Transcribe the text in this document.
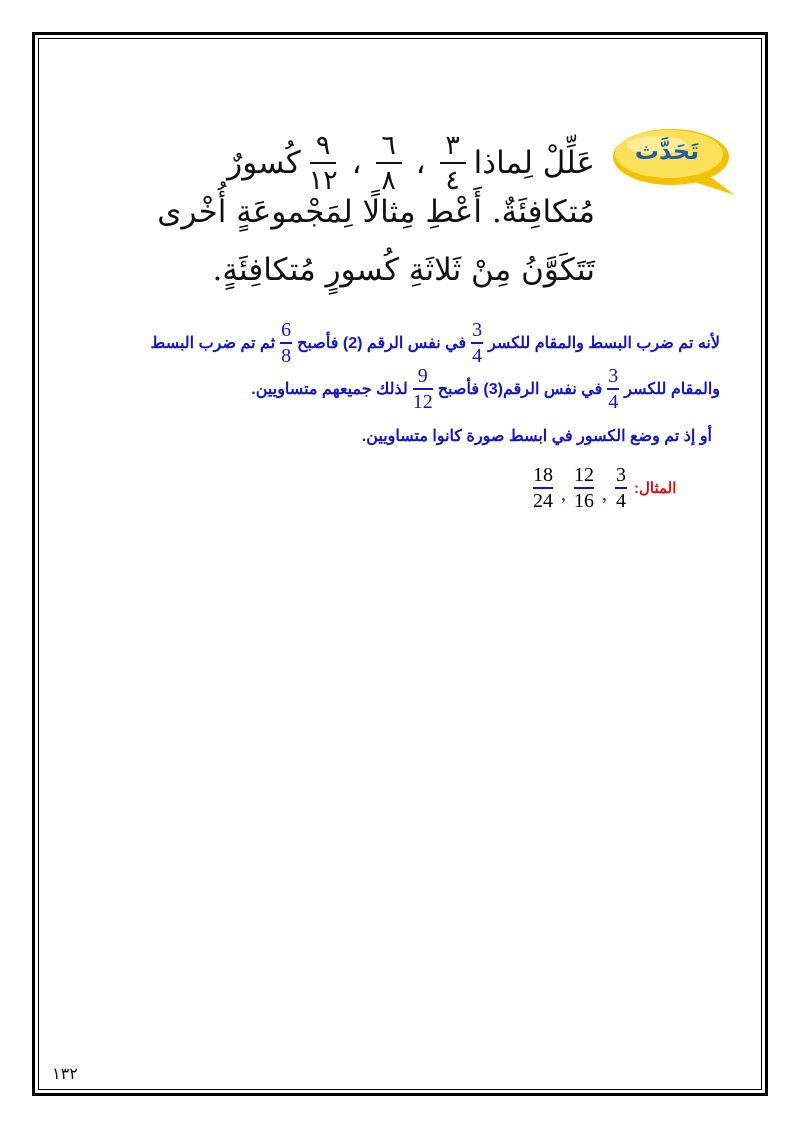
تَحَدَّث
عَلِّلْ لِماذا
$\frac{٣}{٤}$
،
$\frac{٦}{٨}$
،
$\frac{٩}{١٢}$
كُسورٌ
مُتكافِئَةٌ. أَعْطِ مِثالًا لِمَجْموعَةٍ أُخْرى
تَتَكَوَّنُ مِنْ ثَلاثَةِ كُسورٍ مُتكافِئَةٍ.
لأنه تم ضرب البسط والمقام للكسر
$\frac{3}{4}$
في نفس الرقم (2) فأصبح
$\frac{6}{8}$
ثم تم ضرب البسط
والمقام للكسر
$\frac{3}{4}$
في نفس الرقم(3) فأصبح
$\frac{9}{12}$
لذلك جميعهم متساويين.
أو إذ تم وضع الكسور في ابسط صورة كانوا متساويين.
المثال:
$\frac{3}{4}$
,
$\frac{12}{16}$
,
$\frac{18}{24}$
١٣٢
